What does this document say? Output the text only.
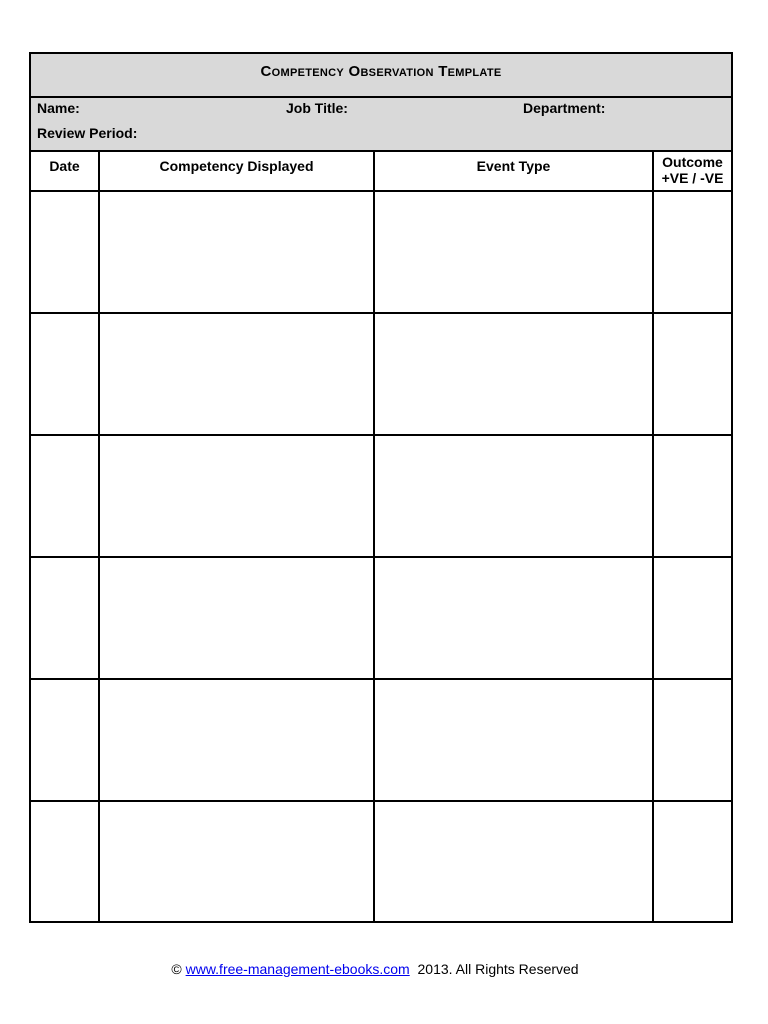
Competency Observation Template
Name:	Job Title:	Department:
Review Period:
Date	Competency Displayed	Event Type	Outcome
+VE / -VE
© www.free-management-ebooks.com 2013. All Rights Reserved
